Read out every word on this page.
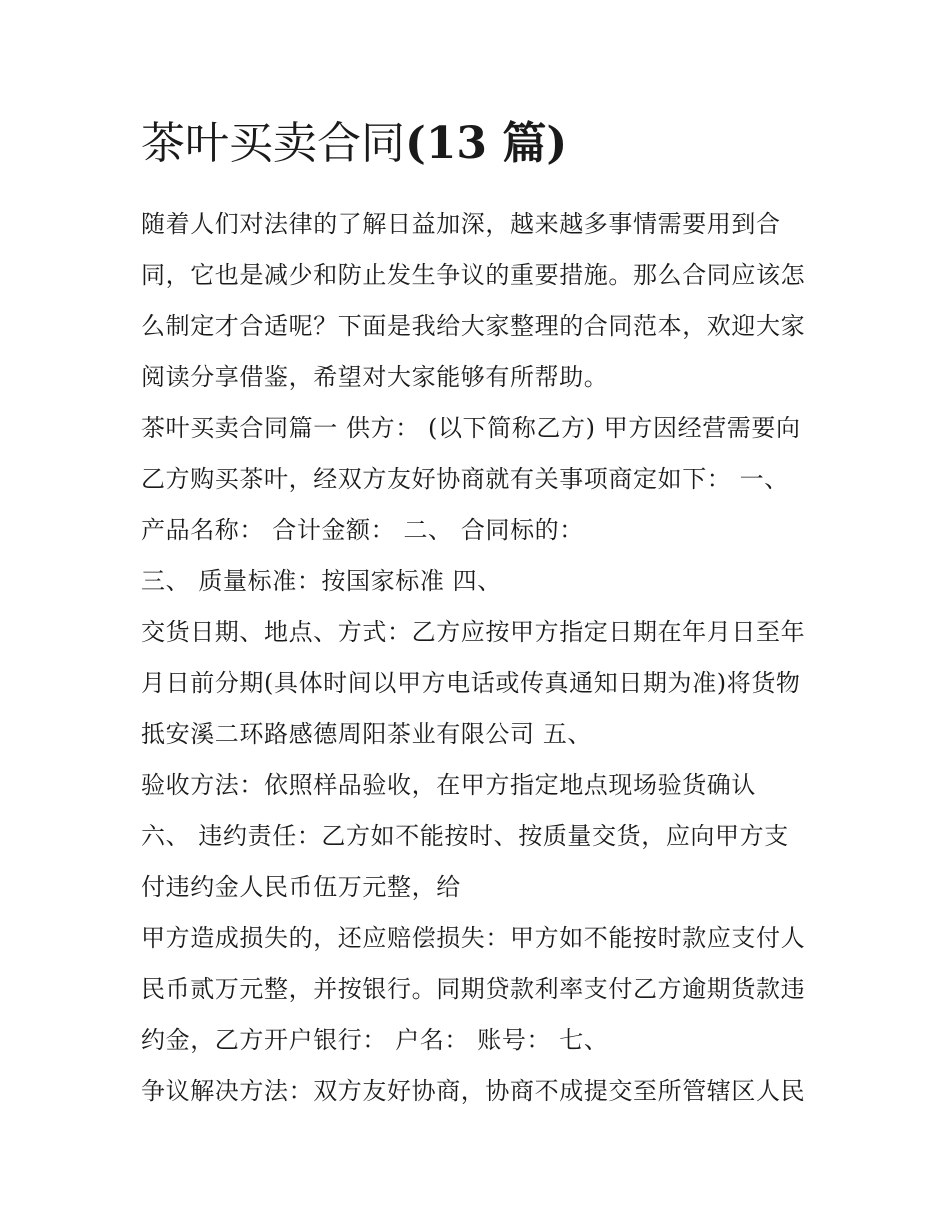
茶叶买卖合同(13 篇)
随着人们对法律的了解日益加深，越来越多事情需要用到合
同，它也是减少和防止发生争议的重要措施。那么合同应该怎
么制定才合适呢？下面是我给大家整理的合同范本，欢迎大家
阅读分享借鉴，希望对大家能够有所帮助。
茶叶买卖合同篇一 供方： (以下简称乙方) 甲方因经营需要向
乙方购买茶叶，经双方友好协商就有关事项商定如下： 一、
产品名称： 合计金额： 二、 合同标的：
三、 质量标准：按国家标准 四、
交货日期、地点、方式：乙方应按甲方指定日期在年月日至年
月日前分期(具体时间以甲方电话或传真通知日期为准)将货物
抵安溪二环路感德周阳茶业有限公司 五、
验收方法：依照样品验收，在甲方指定地点现场验货确认
六、 违约责任：乙方如不能按时、按质量交货，应向甲方支
付违约金人民币伍万元整，给
甲方造成损失的，还应赔偿损失：甲方如不能按时款应支付人
民币贰万元整，并按银行。同期贷款利率支付乙方逾期货款违
约金，乙方开户银行： 户名： 账号： 七、
争议解决方法：双方友好协商，协商不成提交至所管辖区人民
